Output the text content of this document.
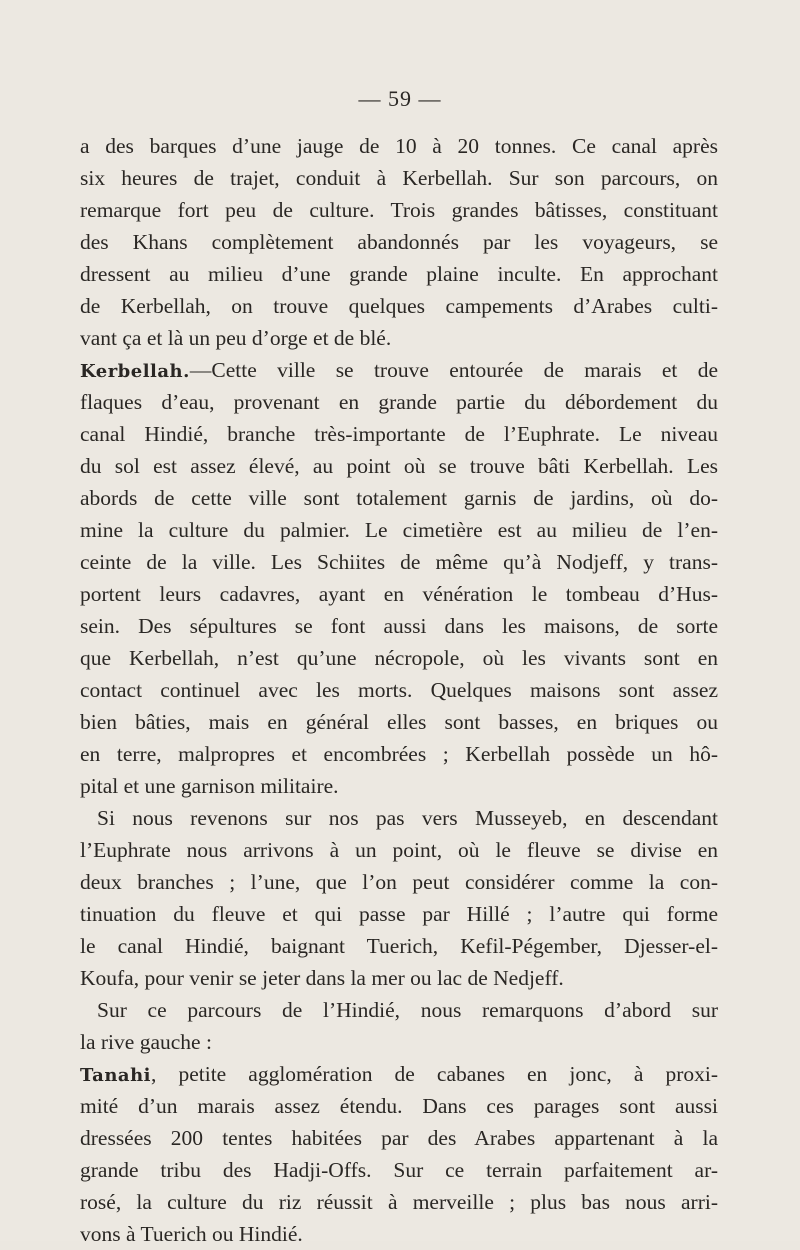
— 59 —
a des barques d’une jauge de 10 à 20 tonnes. Ce canal après
six heures de trajet, conduit à Kerbellah. Sur son parcours, on
remarque fort peu de culture. Trois grandes bâtisses, constituant
des Khans complètement abandonnés par les voyageurs, se
dressent au milieu d’une grande plaine inculte. En approchant
de Kerbellah, on trouve quelques campements d’Arabes culti-
vant ça et là un peu d’orge et de blé.
Kerbellah.—Cette ville se trouve entourée de marais et de
flaques d’eau, provenant en grande partie du débordement du
canal Hindié, branche très-importante de l’Euphrate. Le niveau
du sol est assez élevé, au point où se trouve bâti Kerbellah. Les
abords de cette ville sont totalement garnis de jardins, où do-
mine la culture du palmier. Le cimetière est au milieu de l’en-
ceinte de la ville. Les Schiites de même qu’à Nodjeff, y trans-
portent leurs cadavres, ayant en vénération le tombeau d’Hus-
sein. Des sépultures se font aussi dans les maisons, de sorte
que Kerbellah, n’est qu’une nécropole, où les vivants sont en
contact continuel avec les morts. Quelques maisons sont assez
bien bâties, mais en général elles sont basses, en briques ou
en terre, malpropres et encombrées ; Kerbellah possède un hô-
pital et une garnison militaire.
Si nous revenons sur nos pas vers Musseyeb, en descendant
l’Euphrate nous arrivons à un point, où le fleuve se divise en
deux branches ; l’une, que l’on peut considérer comme la con-
tinuation du fleuve et qui passe par Hillé ; l’autre qui forme
le canal Hindié, baignant Tuerich, Kefil-Pégember, Djesser-el-
Koufa, pour venir se jeter dans la mer ou lac de Nedjeff.
Sur ce parcours de l’Hindié, nous remarquons d’abord sur
la rive gauche :
Tanahi, petite agglomération de cabanes en jonc, à proxi-
mité d’un marais assez étendu. Dans ces parages sont aussi
dressées 200 tentes habitées par des Arabes appartenant à la
grande tribu des Hadji-Offs. Sur ce terrain parfaitement ar-
rosé, la culture du riz réussit à merveille ; plus bas nous arri-
vons à Tuerich ou Hindié.
